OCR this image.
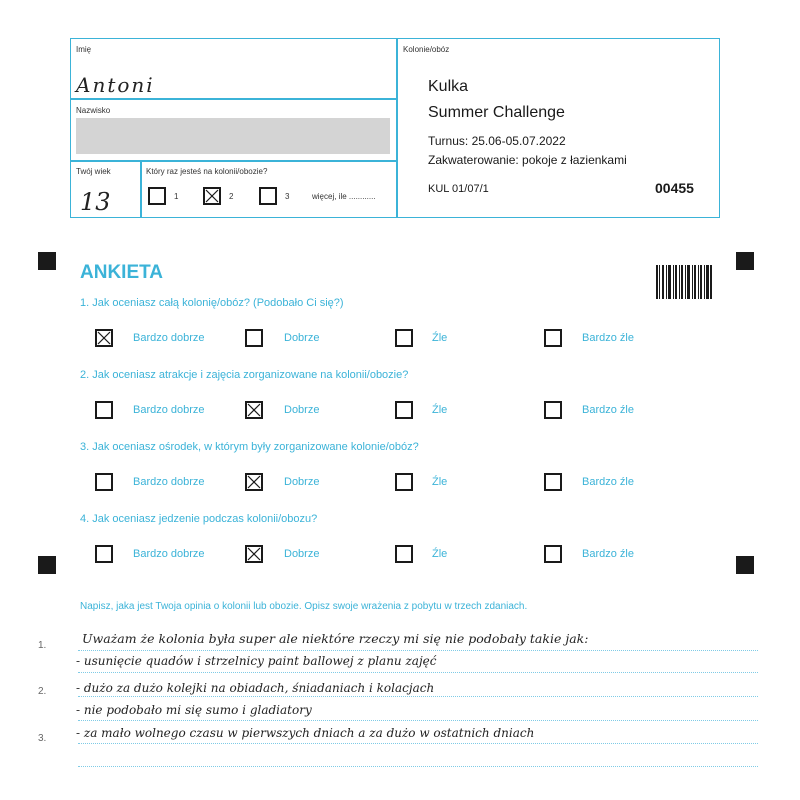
Imię
Antoni
Nazwisko
Twój wiek
13
Który raz jesteś na kolonii/obozie?
1	2	3	więcej, ile ............
Kolonie/obóz
Kulka
Summer Challenge
Turnus: 25.06-05.07.2022
Zakwaterowanie: pokoje z łazienkami
KUL 01/07/1	00455
ANKIETA
1. Jak oceniasz całą kolonię/obóz? (Podobało Ci się?)
Bardzo dobrze	Dobrze	Źle	Bardzo źle
2. Jak oceniasz atrakcje i zajęcia zorganizowane na kolonii/obozie?
Bardzo dobrze	Dobrze	Źle	Bardzo źle
3. Jak oceniasz ośrodek, w którym były zorganizowane kolonie/obóz?
Bardzo dobrze	Dobrze	Źle	Bardzo źle
4. Jak oceniasz jedzenie podczas kolonii/obozu?
Bardzo dobrze	Dobrze	Źle	Bardzo źle
Napisz, jaka jest Twoja opinia o kolonii lub obozie. Opisz swoje wrażenia z pobytu w trzech zdaniach.
1.
2.
3.
Uważam że kolonia była super ale niektóre rzeczy mi się nie podobały takie jak:
- usunięcie quadów i strzelnicy paint ballowej z planu zajęć
- dużo za dużo kolejki na obiadach, śniadaniach i kolacjach
- nie podobało mi się sumo i gladiatory
- za mało wolnego czasu w pierwszych dniach a za dużo w ostatnich dniach
